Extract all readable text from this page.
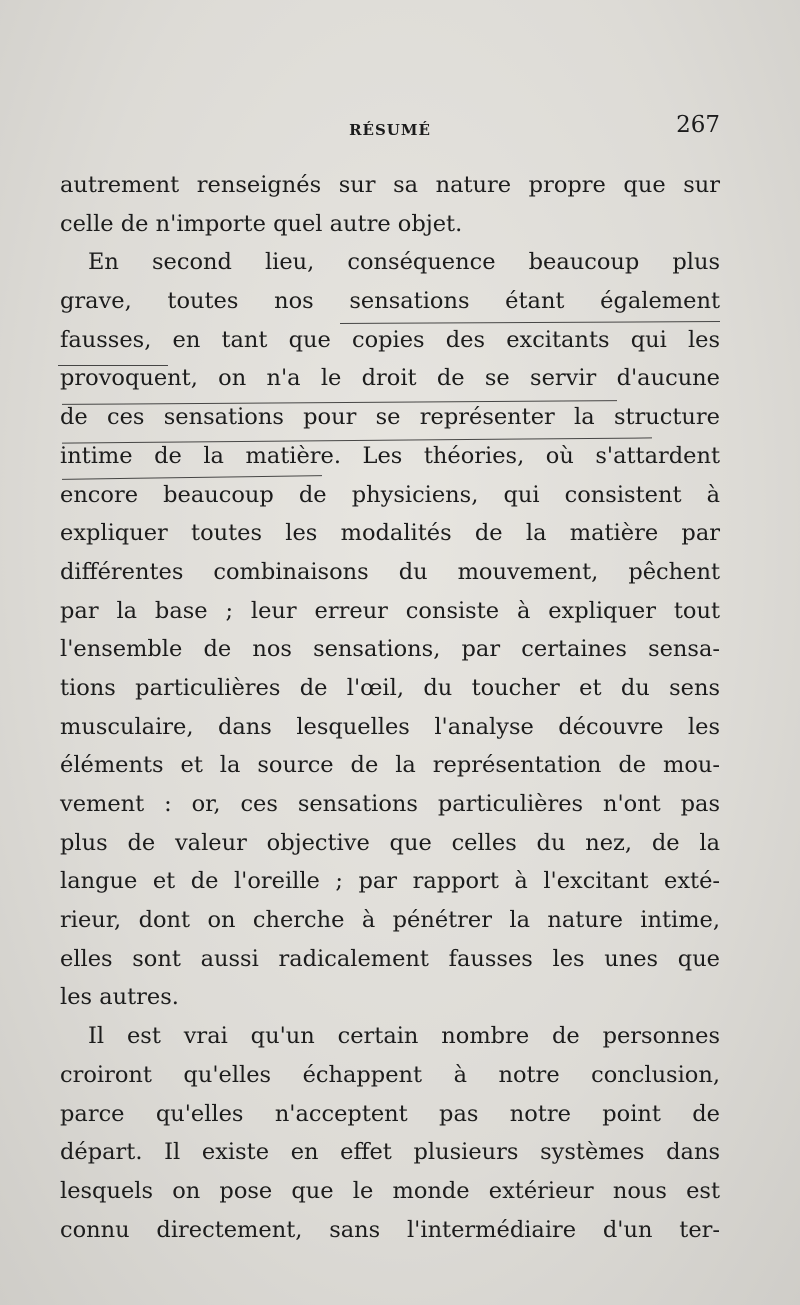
RÉSUMÉ	267
autrement renseignés sur sa nature propre que sur
celle de n'importe quel autre objet.
En second lieu, conséquence beaucoup plus
grave, toutes nos sensations étant également
fausses, en tant que copies des excitants qui les
provoquent, on n'a le droit de se servir d'aucune
de ces sensations pour se représenter la structure
intime de la matière. Les théories, où s'attardent
encore beaucoup de physiciens, qui consistent à
expliquer toutes les modalités de la matière par
différentes combinaisons du mouvement, pêchent
par la base ; leur erreur consiste à expliquer tout
l'ensemble de nos sensations, par certaines sensa-
tions particulières de l'œil, du toucher et du sens
musculaire, dans lesquelles l'analyse découvre les
éléments et la source de la représentation de mou-
vement : or, ces sensations particulières n'ont pas
plus de valeur objective que celles du nez, de la
langue et de l'oreille ; par rapport à l'excitant exté-
rieur, dont on cherche à pénétrer la nature intime,
elles sont aussi radicalement fausses les unes que
les autres.
Il est vrai qu'un certain nombre de personnes
croiront qu'elles échappent à notre conclusion,
parce qu'elles n'acceptent pas notre point de
départ. Il existe en effet plusieurs systèmes dans
lesquels on pose que le monde extérieur nous est
connu directement, sans l'intermédiaire d'un ter-
